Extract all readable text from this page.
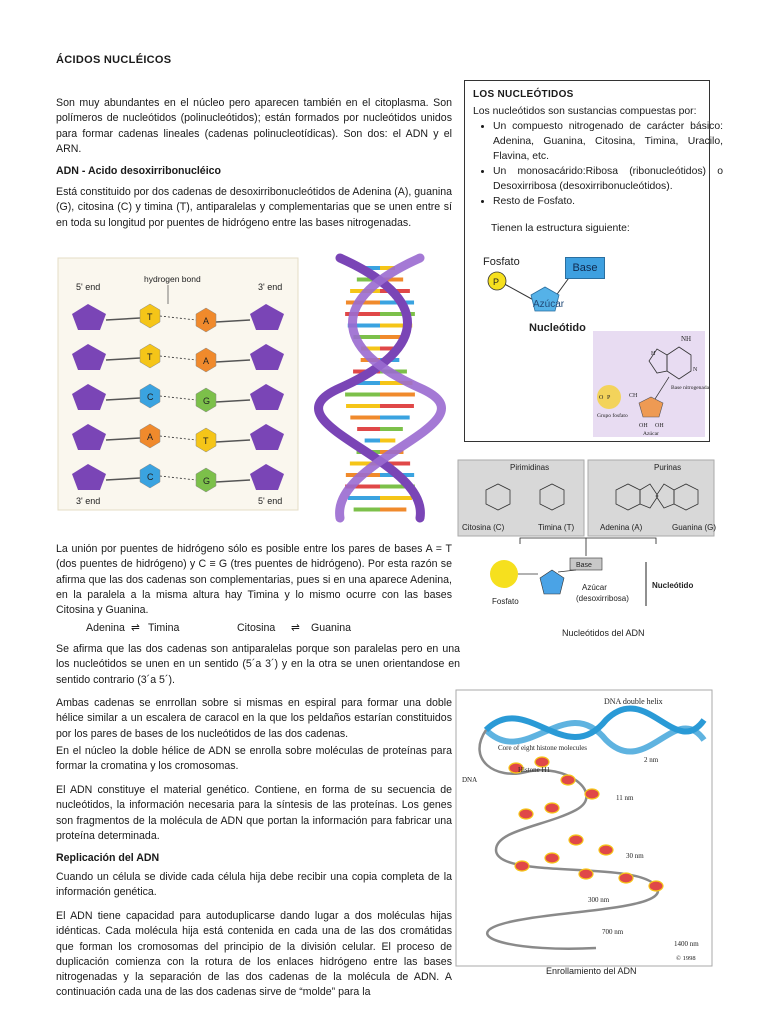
ÁCIDOS NUCLÉICOS
Son muy abundantes en el núcleo pero aparecen también en el citoplasma. Son polímeros de nucleótidos (polinucleótidos); están formados por nucleótidos unidos para formar cadenas lineales (cadenas polinucleotídicas). Son dos: el ADN y el ARN.
ADN - Acido desoxirribonucléico
Está constituido por dos cadenas de desoxirribonucleótidos de Adenina (A), guanina (G), citosina (C) y timina (T), antiparalelas y complementarias que se unen entre sí en toda su longitud por puentes de hidrógeno entre las bases nitrogenadas.
5' end	3' end
hydrogen bond
3' end	5' end
T	A
T	A
C	G
A	T
C	G
La unión por puentes de hidrógeno sólo es posible entre los pares de bases A = T (dos puentes de hidrógeno) y C ≡ G (tres puentes de hidrógeno). Por esta razón se afirma que las dos cadenas son complementarias, pues si en una aparece Adenina, en la paralela a la misma altura hay Timina y lo mismo ocurre con las bases Citosina y Guanina.
Adenina ⇌ Timina	Citosina ⇌ Guanina
Se afirma que las dos cadenas son antiparalelas porque son paralelas pero en una los nucleótidos se unen en un sentido (5´a 3´) y en la otra se unen orientandose en sentido contrario (3´a 5´).
Ambas cadenas se enrrollan sobre si mismas en espiral para formar una doble hélice similar a un escalera de caracol en la que los peldaños estarían constituidos por los pares de bases de los nucleótidos de las dos cadenas.
En el núcleo la doble hélice de ADN se enrolla sobre moléculas de proteínas para formar la cromatina y los cromosomas.
El ADN constituye el material genético. Contiene, en forma de su secuencia de nucleótidos, la información necesaria para la síntesis de las proteínas. Los genes son fragmentos de la molécula de ADN que portan la información para fabricar una proteína determinada.
Replicación del ADN
Cuando un célula se divide cada célula hija debe recibir una copia completa de la información genética.
El ADN tiene capacidad para autoduplicarse dando lugar a dos moléculas hijas idénticas. Cada molécula hija está contenida en cada una de las dos cromátidas que forman los cromosomas del principio de la división celular. El proceso de duplicación comienza con la rotura de los enlaces hidrógeno entre las bases nitrogenadas y la separación de las dos cadenas de la molécula de ADN. A continuación cada una de las dos cadenas sirve de “molde” para la
LOS NUCLEÓTIDOS
Los nucleótidos son sustancias compuestas por:
• Un compuesto nitrogenado de carácter básico: Adenina, Guanina, Citosina, Timina, Uracilo, Flavina, etc.
• Un monosacárido:Ribosa (ribonucleótidos) o Desoxirribosa (desoxirribonucleótidos).
• Resto de Fosfato.
Tienen la estructura siguiente:
Fosfato
P
Azúcar
Nucleótido
Base
NH
H
N
Base nitrogenada
O P	CH
OH OH
Grupo fosfato
Azúcar
Pirimidinas	Purinas
Citosina (C)	Timina (T)	Adenina (A)	Guanina (G)
Base
Fosfato
Azúcar
(desoxirribosa)
Nucleótido
Nucleótidos del ADN
DNA double helix
Core of eight histone molecules
DNA
Histone H1
2 nm
11 nm
30 nm
300 nm
700 nm
1400 nm
© 1998
Enrollamiento del ADN
